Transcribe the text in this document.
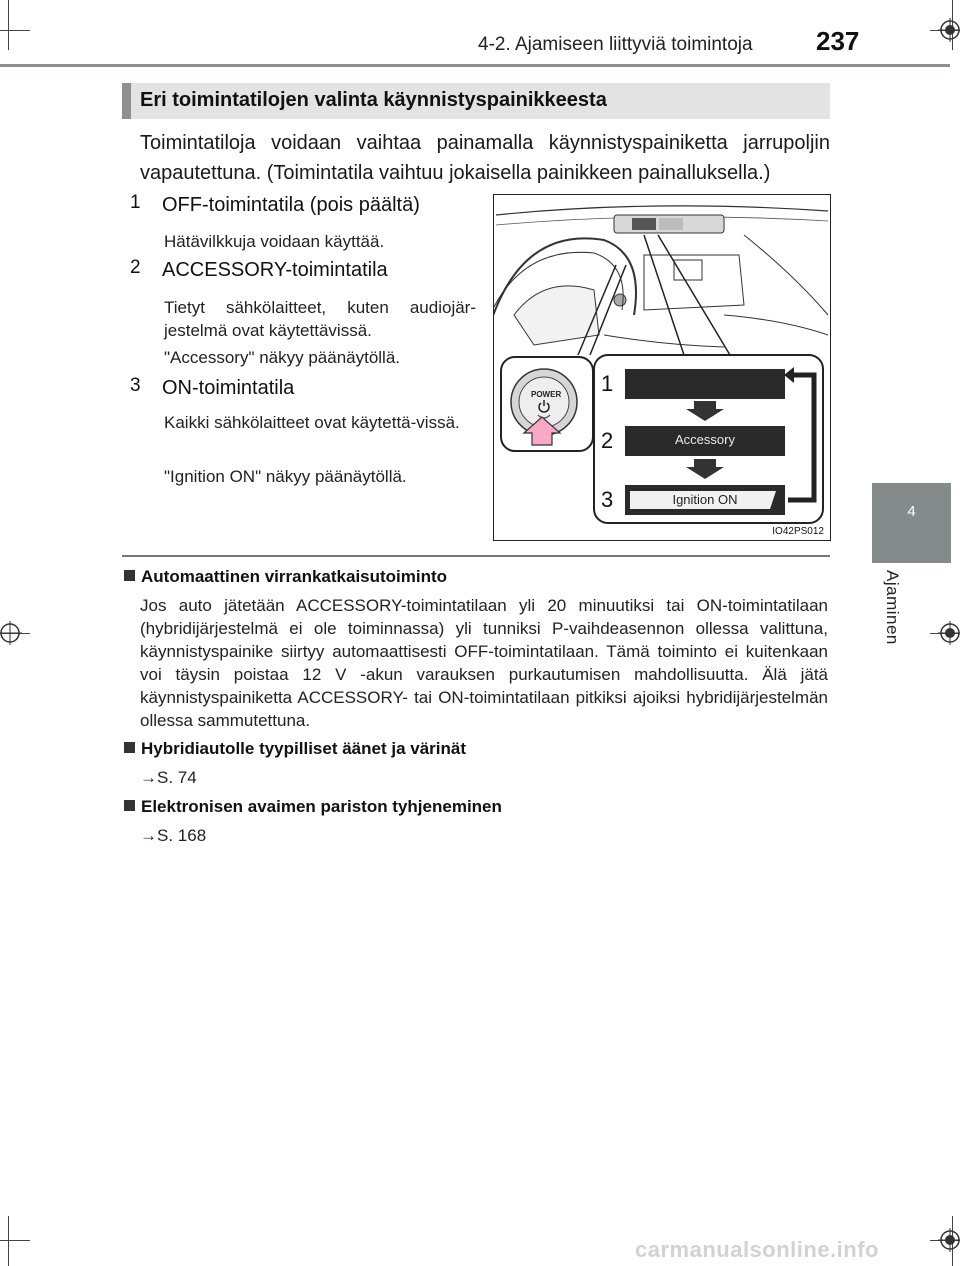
4-2. Ajamiseen liittyviä toimintoja 237
4
Ajaminen
Eri toimintatilojen valinta käynnistyspainikkeesta
Toimintatiloja voidaan vaihtaa painamalla käynnistyspainiketta jarrupoljin vapautettuna. (Toimintatila vaihtuu jokaisella painikkeen painalluksella.)
1 OFF-toimintatila (pois päältä)
Hätävilkkuja voidaan käyttää.
2 ACCESSORY-toimintatila
Tietyt sähkölaitteet, kuten audiojär-jestelmä ovat käytettävissä.
"Accessory" näkyy päänäytöllä.
3 ON-toimintatila
Kaikki sähkölaitteet ovat käytettä-vissä.
"Ignition ON" näkyy päänäytöllä.
POWER 1
2
3
Accessory
Ignition ON
IO42PS012
Automaattinen virrankatkaisutoiminto
Jos auto jätetään ACCESSORY-toimintatilaan yli 20 minuutiksi tai ON-toimintatilaan (hybridijärjestelmä ei ole toiminnassa) yli tunniksi P-vaihdeasennon ollessa valittuna, käynnistyspainike siirtyy automaattisesti OFF-toimintatilaan. Tämä toiminto ei kuitenkaan voi täysin poistaa 12 V -akun varauksen purkautumisen mahdollisuutta. Älä jätä käynnistyspainiketta ACCESSORY- tai ON-toimintatilaan pitkiksi ajoiksi hybridijärjestelmän ollessa sammutettuna.
Hybridiautolle tyypilliset äänet ja värinät
→S. 74
Elektronisen avaimen pariston tyhjeneminen
→S. 168
carmanualsonline.info
